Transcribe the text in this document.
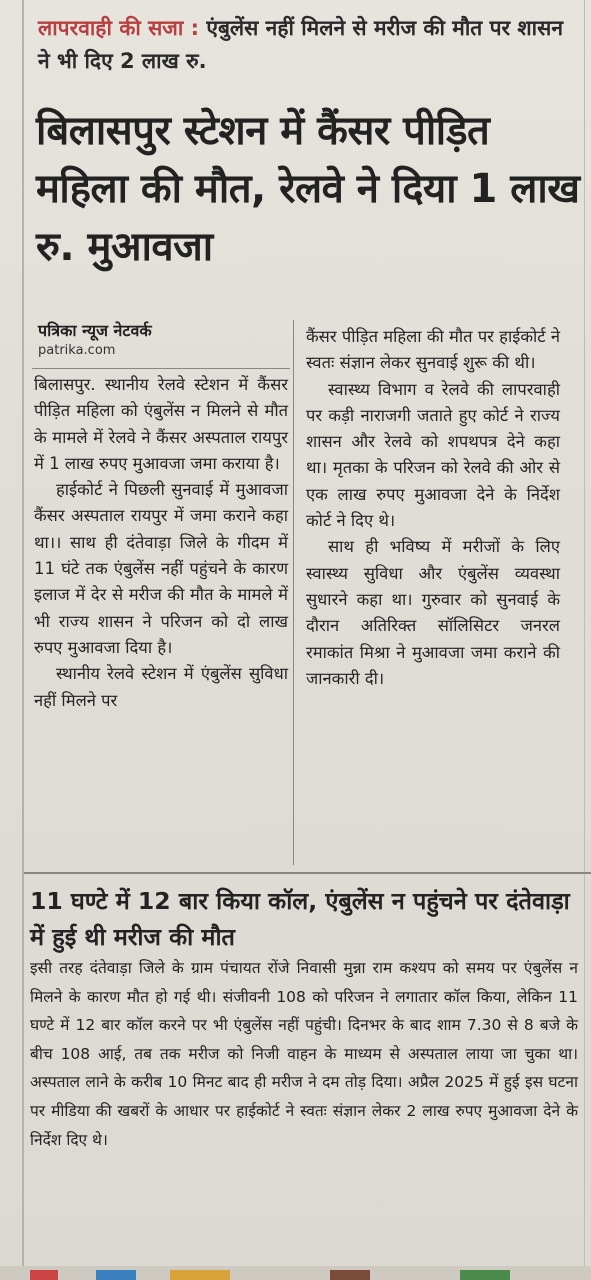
लापरवाही की सजा : एंबुलेंस नहीं मिलने से मरीज की मौत पर शासन ने भी दिए 2 लाख रु.
बिलासपुर स्टेशन में कैंसर पीड़ित महिला की मौत, रेलवे ने दिया 1 लाख रु. मुआवजा
पत्रिका न्यूज नेटवर्क
patrika.com

बिलासपुर. स्थानीय रेलवे स्टेशन में कैंसर पीड़ित महिला को एंबुलेंस न मिलने से मौत के मामले में रेलवे ने कैंसर अस्पताल रायपुर में 1 लाख रुपए मुआवजा जमा कराया है।

हाईकोर्ट ने पिछली सुनवाई में मुआवजा कैंसर अस्पताल रायपुर में जमा कराने कहा था।। साथ ही दंतेवाड़ा जिले के गीदम में 11 घंटे तक एंबुलेंस नहीं पहुंचने के कारण इलाज में देर से मरीज की मौत के मामले में भी राज्य शासन ने परिजन को दो लाख रुपए मुआवजा दिया है।

स्थानीय रेलवे स्टेशन में एंबुलेंस सुविधा नहीं मिलने पर

कैंसर पीड़ित महिला की मौत पर हाईकोर्ट ने स्वतः संज्ञान लेकर सुनवाई शुरू की थी।

स्वास्थ्य विभाग व रेलवे की लापरवाही पर कड़ी नाराजगी जताते हुए कोर्ट ने राज्य शासन और रेलवे को शपथपत्र देने कहा था। मृतका के परिजन को रेलवे की ओर से एक लाख रुपए मुआवजा देने के निर्देश कोर्ट ने दिए थे।

साथ ही भविष्य में मरीजों के लिए स्वास्थ्य सुविधा और एंबुलेंस व्यवस्था सुधारने कहा था। गुरुवार को सुनवाई के दौरान अतिरिक्त सॉलिसिटर जनरल रमाकांत मिश्रा ने मुआवजा जमा कराने की जानकारी दी।

11 घण्टे में 12 बार किया कॉल, एंबुलेंस न पहुंचने पर दंतेवाड़ा में हुई थी मरीज की मौत
इसी तरह दंतेवाड़ा जिले के ग्राम पंचायत रोंजे निवासी मुन्ना राम कश्यप को समय पर एंबुलेंस न मिलने के कारण मौत हो गई थी। संजीवनी 108 को परिजन ने लगातार कॉल किया, लेकिन 11 घण्टे में 12 बार कॉल करने पर भी एंबुलेंस नहीं पहुंची। दिनभर के बाद शाम 7.30 से 8 बजे के बीच 108 आई, तब तक मरीज को निजी वाहन के माध्यम से अस्पताल लाया जा चुका था। अस्पताल लाने के करीब 10 मिनट बाद ही मरीज ने दम तोड़ दिया। अप्रैल 2025 में हुई इस घटना पर मीडिया की खबरों के आधार पर हाईकोर्ट ने स्वतः संज्ञान लेकर 2 लाख रुपए मुआवजा देने के निर्देश दिए थे।
